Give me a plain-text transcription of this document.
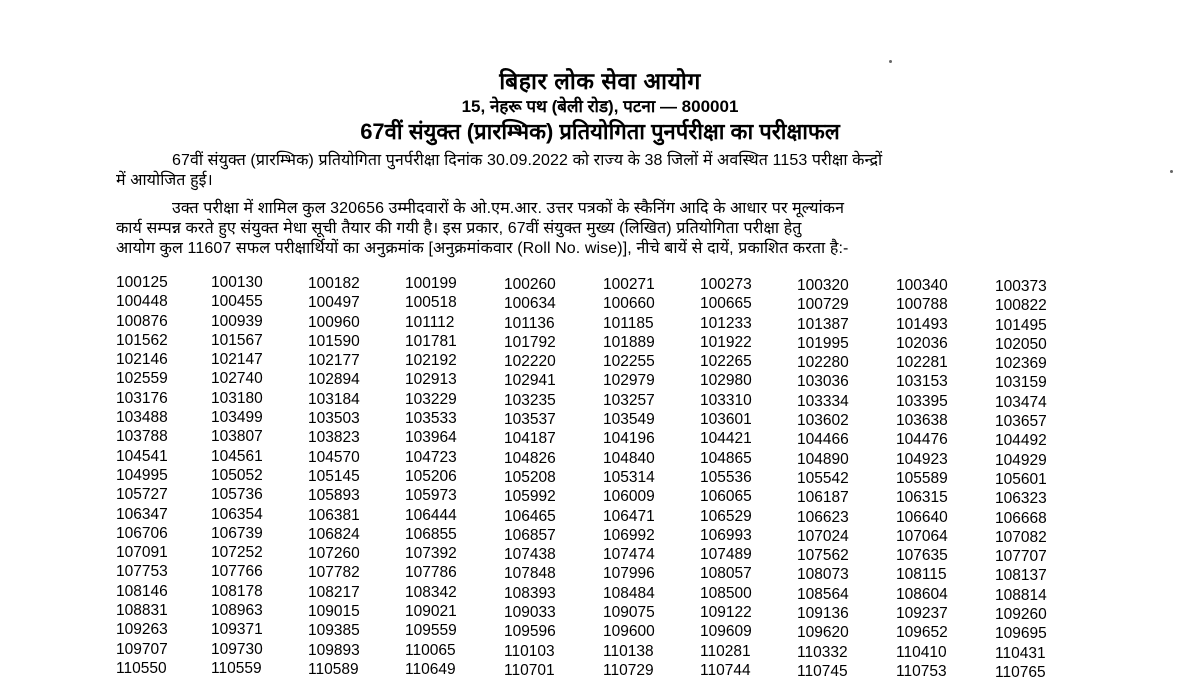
बिहार लोक सेवा आयोग
15, नेहरू पथ (बेली रोड), पटना — 800001
67वीं संयुक्त (प्रारम्भिक) प्रतियोगिता पुनर्परीक्षा का परीक्षाफल
67वीं संयुक्त (प्रारम्भिक) प्रतियोगिता पुनर्परीक्षा दिनांक 30.09.2022 को राज्य के 38 जिलों में अवस्थित 1153 परीक्षा केन्द्रों
में आयोजित हुई।
उक्त परीक्षा में शामिल कुल 320656 उम्मीदवारों के ओ.एम.आर. उत्तर पत्रकों के स्कैनिंग आदि के आधार पर मूल्यांकन
कार्य सम्पन्न करते हुए संयुक्त मेधा सूची तैयार की गयी है। इस प्रकार, 67वीं संयुक्त मुख्य (लिखित) प्रतियोगिता परीक्षा हेतु
आयोग कुल 11607 सफल परीक्षार्थियों का अनुक्रमांक [अनुक्रमांकवार (Roll No. wise)], नीचे बायें से दायें, प्रकाशित करता है:-
100125	100130	100182	100199	100260	100271	100273	100320	100340	100373
100448	100455	100497	100518	100634	100660	100665	100729	100788	100822
100876	100939	100960	101112	101136	101185	101233	101387	101493	101495
101562	101567	101590	101781	101792	101889	101922	101995	102036	102050
102146	102147	102177	102192	102220	102255	102265	102280	102281	102369
102559	102740	102894	102913	102941	102979	102980	103036	103153	103159
103176	103180	103184	103229	103235	103257	103310	103334	103395	103474
103488	103499	103503	103533	103537	103549	103601	103602	103638	103657
103788	103807	103823	103964	104187	104196	104421	104466	104476	104492
104541	104561	104570	104723	104826	104840	104865	104890	104923	104929
104995	105052	105145	105206	105208	105314	105536	105542	105589	105601
105727	105736	105893	105973	105992	106009	106065	106187	106315	106323
106347	106354	106381	106444	106465	106471	106529	106623	106640	106668
106706	106739	106824	106855	106857	106992	106993	107024	107064	107082
107091	107252	107260	107392	107438	107474	107489	107562	107635	107707
107753	107766	107782	107786	107848	107996	108057	108073	108115	108137
108146	108178	108217	108342	108393	108484	108500	108564	108604	108814
108831	108963	109015	109021	109033	109075	109122	109136	109237	109260
109263	109371	109385	109559	109596	109600	109609	109620	109652	109695
109707	109730	109893	110065	110103	110138	110281	110332	110410	110431
110550	110559	110589	110649	110701	110729	110744	110745	110753	110765
